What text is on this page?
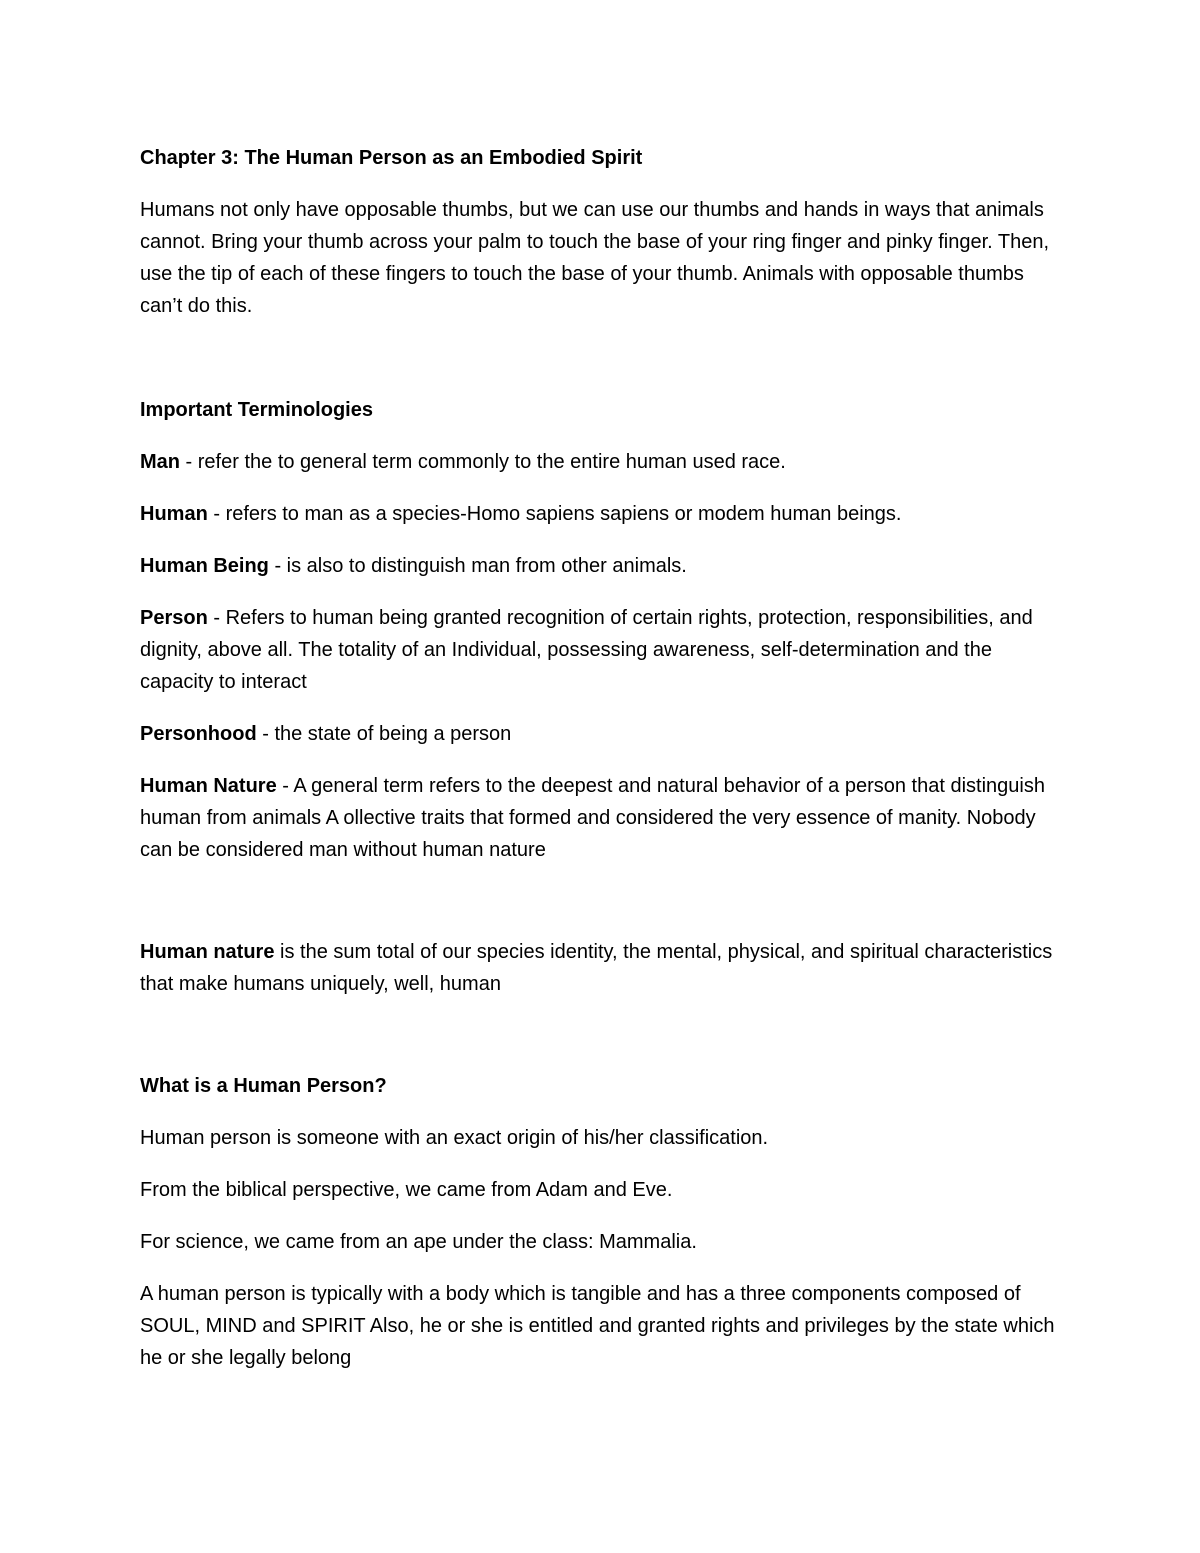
Chapter 3: The Human Person as an Embodied Spirit

Humans not only have opposable thumbs, but we can use our thumbs and hands in ways that animals cannot. Bring your thumb across your palm to touch the base of your ring finger and pinky finger. Then, use the tip of each of these fingers to touch the base of your thumb. Animals with opposable thumbs can’t do this.

Important Terminologies

Man - refer the to general term commonly to the entire human used race.

Human - refers to man as a species-Homo sapiens sapiens or modem human beings.

Human Being - is also to distinguish man from other animals.

Person - Refers to human being granted recognition of certain rights, protection, responsibilities, and dignity, above all. The totality of an Individual, possessing awareness, self-determination and the capacity to interact

Personhood - the state of being a person

Human Nature - A general term refers to the deepest and natural behavior of a person that distinguish human from animals A ollective traits that formed and considered the very essence of manity. Nobody can be considered man without human nature

Human nature is the sum total of our species identity, the mental, physical, and spiritual characteristics that make humans uniquely, well, human

What is a Human Person?

Human person is someone with an exact origin of his/her classification.

From the biblical perspective, we came from Adam and Eve.

For science, we came from an ape under the class: Mammalia.

A human person is typically with a body which is tangible and has a three components composed of SOUL, MIND and SPIRIT Also, he or she is entitled and granted rights and privileges by the state which he or she legally belong
